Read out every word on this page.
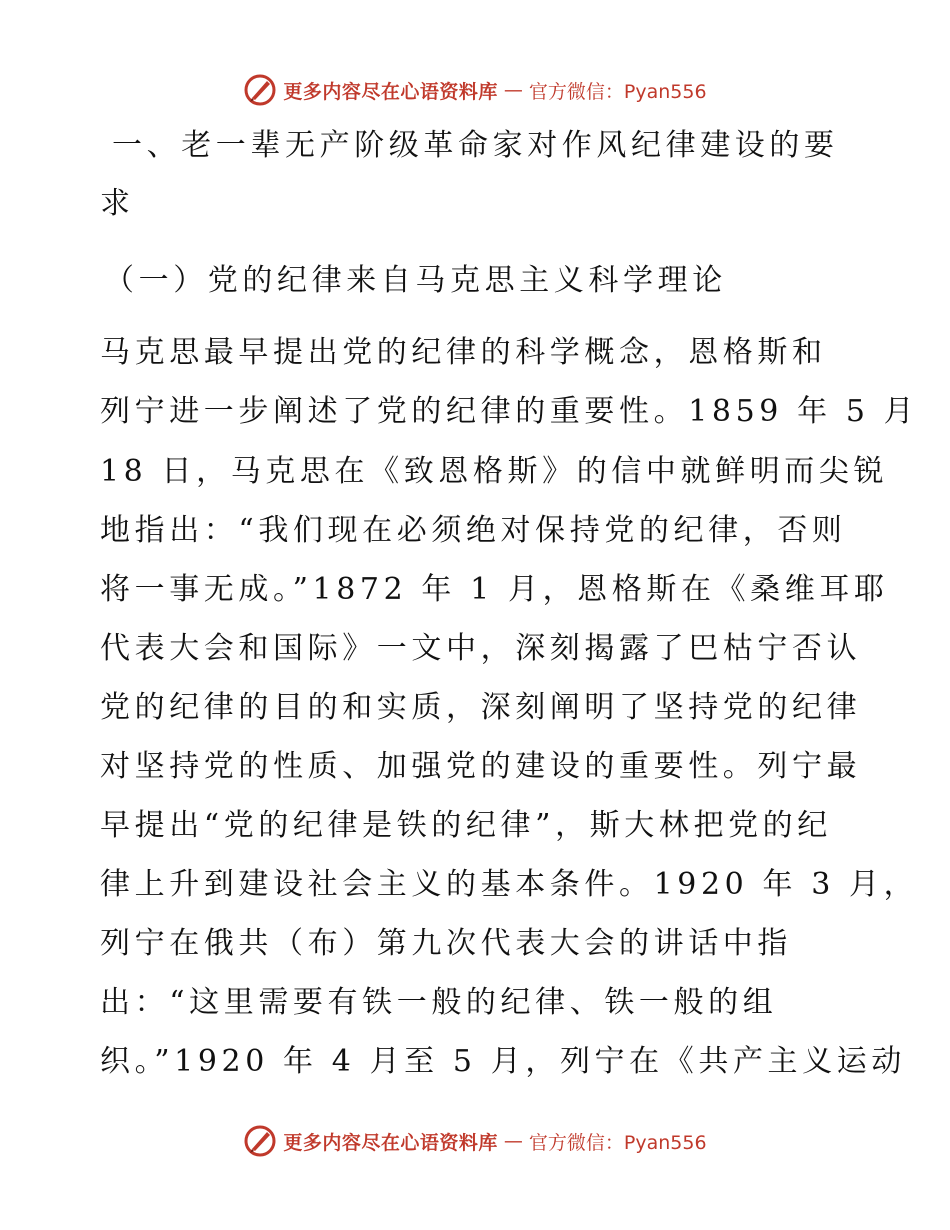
更多内容尽在心语资料库 — 官方微信：Pyan556
一、老一辈无产阶级革命家对作风纪律建设的要
求
（一）党的纪律来自马克思主义科学理论
马克思最早提出党的纪律的科学概念，恩格斯和
列宁进一步阐述了党的纪律的重要性。1859 年 5 月
18 日，马克思在《致恩格斯》的信中就鲜明而尖锐
地指出：“我们现在必须绝对保持党的纪律，否则
将一事无成。”1872 年 1 月，恩格斯在《桑维耳耶
代表大会和国际》一文中，深刻揭露了巴枯宁否认
党的纪律的目的和实质，深刻阐明了坚持党的纪律
对坚持党的性质、加强党的建设的重要性。列宁最
早提出“党的纪律是铁的纪律”，斯大林把党的纪
律上升到建设社会主义的基本条件。1920 年 3 月，
列宁在俄共（布）第九次代表大会的讲话中指
出：“这里需要有铁一般的纪律、铁一般的组
织。”1920 年 4 月至 5 月，列宁在《共产主义运动
更多内容尽在心语资料库 — 官方微信：Pyan556
